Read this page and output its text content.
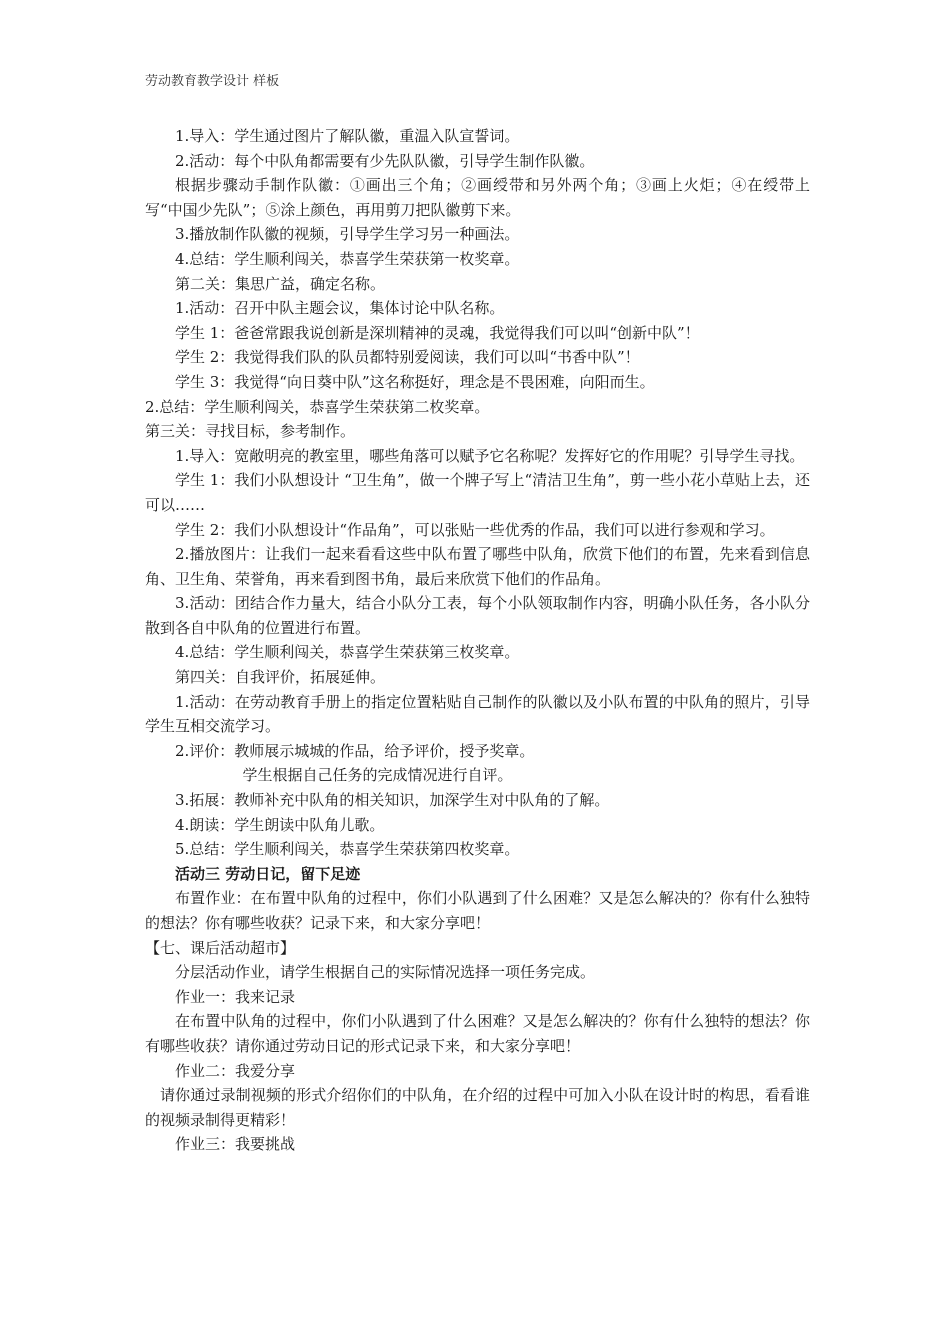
劳动教育教学设计 样板

1.导入：学生通过图片了解队徽，重温入队宣誓词。

2.活动：每个中队角都需要有少先队队徽，引导学生制作队徽。

根据步骤动手制作队徽：①画出三个角；②画绶带和另外两个角；③画上火炬；④在绶带上写“中国少先队”；⑤涂上颜色，再用剪刀把队徽剪下来。

3.播放制作队徽的视频，引导学生学习另一种画法。

4.总结：学生顺利闯关，恭喜学生荣获第一枚奖章。

第二关：集思广益，确定名称。

1.活动：召开中队主题会议，集体讨论中队名称。

学生 1：爸爸常跟我说创新是深圳精神的灵魂，我觉得我们可以叫“创新中队”！

学生 2：我觉得我们队的队员都特别爱阅读，我们可以叫“书香中队”！

学生 3：我觉得“向日葵中队”这名称挺好，理念是不畏困难，向阳而生。

2.总结：学生顺利闯关，恭喜学生荣获第二枚奖章。

第三关：寻找目标，参考制作。

1.导入：宽敞明亮的教室里，哪些角落可以赋予它名称呢？发挥好它的作用呢？引导学生寻找。

学生 1：我们小队想设计 “卫生角”，做一个牌子写上“清洁卫生角”，剪一些小花小草贴上去，还可以……

学生 2：我们小队想设计“作品角”，可以张贴一些优秀的作品，我们可以进行参观和学习。

2.播放图片：让我们一起来看看这些中队布置了哪些中队角，欣赏下他们的布置，先来看到信息角、卫生角、荣誉角，再来看到图书角，最后来欣赏下他们的作品角。

3.活动：团结合作力量大，结合小队分工表，每个小队领取制作内容，明确小队任务，各小队分散到各自中队角的位置进行布置。

4.总结：学生顺利闯关，恭喜学生荣获第三枚奖章。

第四关：自我评价，拓展延伸。

1.活动：在劳动教育手册上的指定位置粘贴自己制作的队徽以及小队布置的中队角的照片，引导学生互相交流学习。

2.评价：教师展示城城的作品，给予评价，授予奖章。

学生根据自己任务的完成情况进行自评。

3.拓展：教师补充中队角的相关知识，加深学生对中队角的了解。

4.朗读：学生朗读中队角儿歌。

5.总结：学生顺利闯关，恭喜学生荣获第四枚奖章。

活动三 劳动日记，留下足迹

布置作业：在布置中队角的过程中，你们小队遇到了什么困难？又是怎么解决的？你有什么独特的想法？你有哪些收获？记录下来，和大家分享吧！

【七、课后活动超市】

分层活动作业，请学生根据自己的实际情况选择一项任务完成。

作业一：我来记录

在布置中队角的过程中，你们小队遇到了什么困难？又是怎么解决的？你有什么独特的想法？你有哪些收获？请你通过劳动日记的形式记录下来，和大家分享吧！

作业二：我爱分享

请你通过录制视频的形式介绍你们的中队角，在介绍的过程中可加入小队在设计时的构思，看看谁的视频录制得更精彩！

作业三：我要挑战
